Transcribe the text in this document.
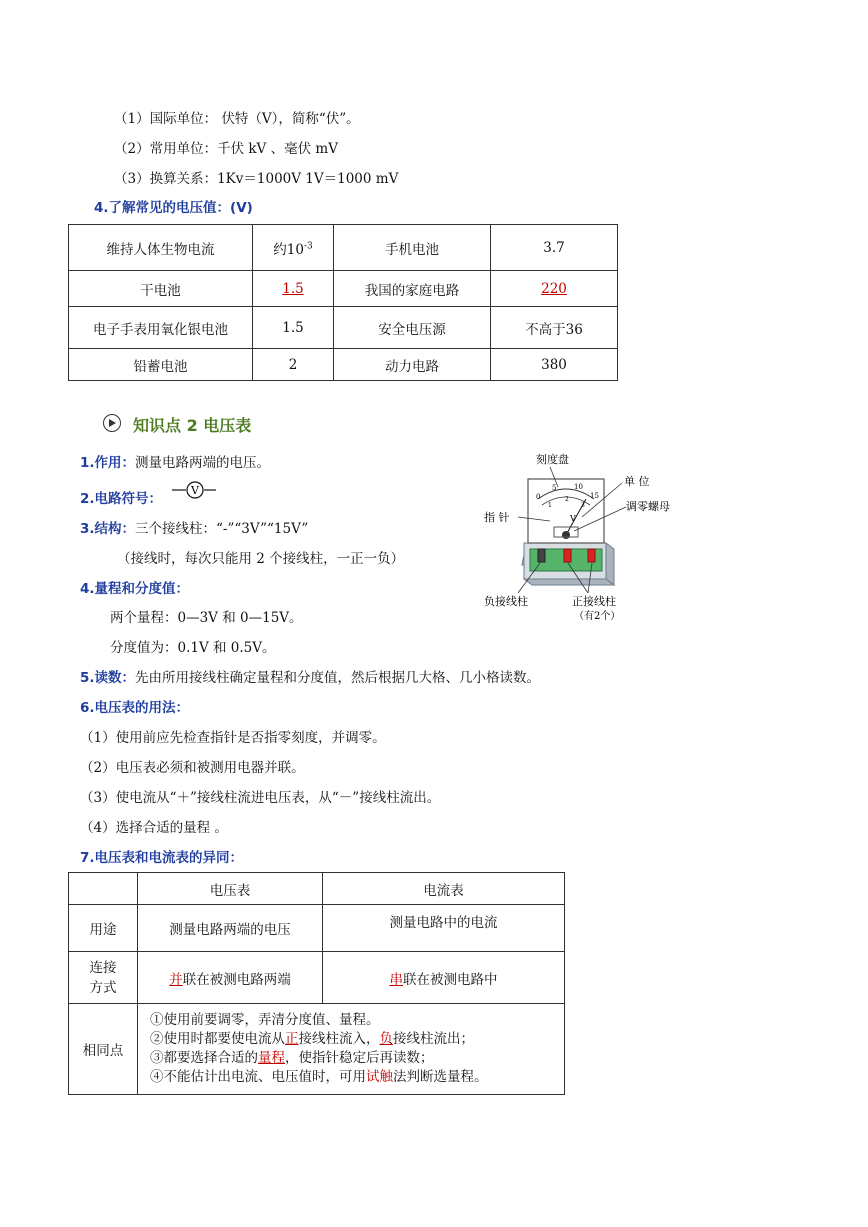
（1）国际单位： 伏特（V），简称“伏”。
（2）常用单位：千伏 kV 、毫伏 mV
（3）换算关系：1Kv＝1000V 1V＝1000 mV
4.了解常见的电压值：(V)
维持人体生物电流	约$10^{-3}$	手机电池	3.7
干电池	1.5	我国的家庭电路	220
电子手表用氧化银电池	1.5	安全电压源	不高于36
铅蓄电池	2	动力电路	380
知识点 2 电压表
1.作用：测量电路两端的电压。
2.电路符号：
V
3.结构：三个接线柱：“-”“3V”“15V”
（接线时，每次只能用 2 个接线柱，一正一负）
4.量程和分度值：
两个量程：0—3V 和 0—15V。
分度值为：0.1V 和 0.5V。
5.读数：先由所用接线柱确定量程和分度值，然后根据几大格、几小格读数。
6.电压表的用法：
（1）使用前应先检查指针是否指零刻度，并调零。
（2）电压表必须和被测用电器并联。
（3）使电流从“＋”接线柱流进电压表，从“－”接线柱流出。
（4）选择合适的量程 。
7.电压表和电流表的异同：
0
5	10
15
1
2
3
V
刻度盘
单 位
调零螺母
指 针
负接线柱	正接线柱
（有2个）
	电压表	电流表
用途	测量电路两端的电压	测量电路中的电流
连接
方式	并联在被测电路两端	串联在被测电路中
相同点	①使用前要调零，弄清分度值、量程。
②使用时都要使电流从正接线柱流入，负接线柱流出；
③都要选择合适的量程，使指针稳定后再读数；
④不能估计出电流、电压值时，可用试触法判断选量程。	
